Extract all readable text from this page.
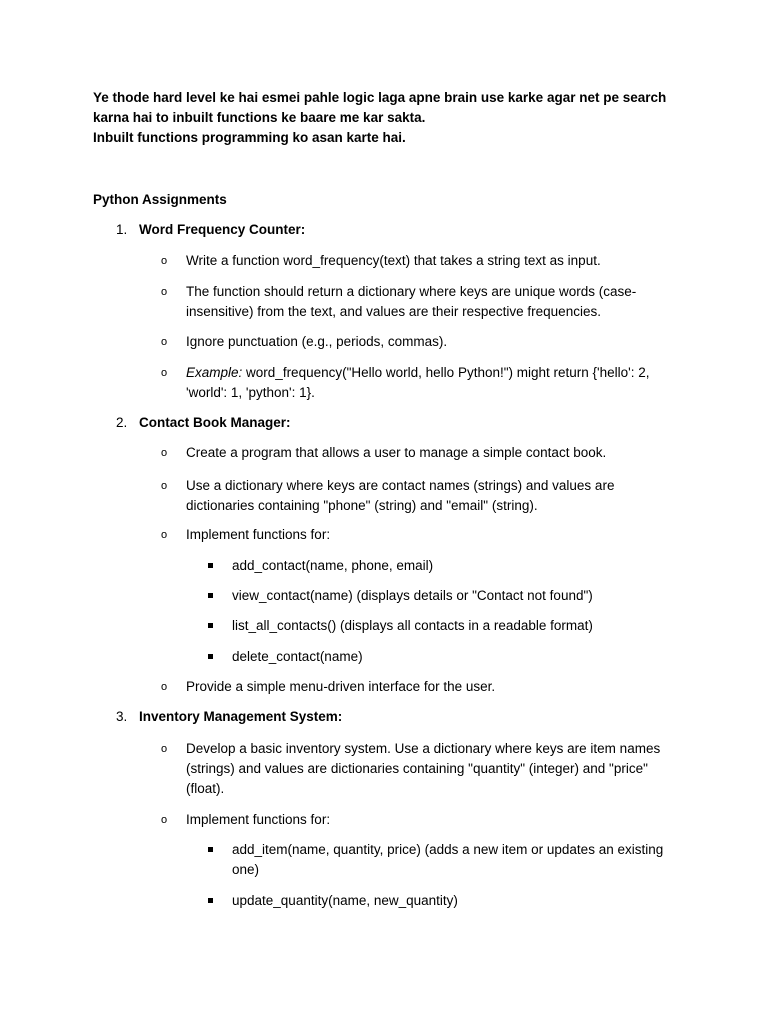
Ye thode hard level ke hai esmei pahle logic laga apne brain use karke agar net pe search karna hai to inbuilt functions ke baare me kar sakta.

Inbuilt functions programming ko asan karte hai.

Python Assignments
1. Word Frequency Counter:
o Write a function word_frequency(text) that takes a string text as input.
o The function should return a dictionary where keys are unique words (case-insensitive) from the text, and values are their respective frequencies.
o Ignore punctuation (e.g., periods, commas).
o Example: word_frequency("Hello world, hello Python!") might return {'hello': 2, 'world': 1, 'python': 1}.
2. Contact Book Manager:
o Create a program that allows a user to manage a simple contact book.
o Use a dictionary where keys are contact names (strings) and values are dictionaries containing "phone" (string) and "email" (string).
o Implement functions for:
add_contact(name, phone, email)
view_contact(name) (displays details or "Contact not found")
list_all_contacts() (displays all contacts in a readable format)
delete_contact(name)
o Provide a simple menu-driven interface for the user.
3. Inventory Management System:
o Develop a basic inventory system. Use a dictionary where keys are item names (strings) and values are dictionaries containing "quantity" (integer) and "price" (float).
o Implement functions for:
add_item(name, quantity, price) (adds a new item or updates an existing one)
update_quantity(name, new_quantity)
